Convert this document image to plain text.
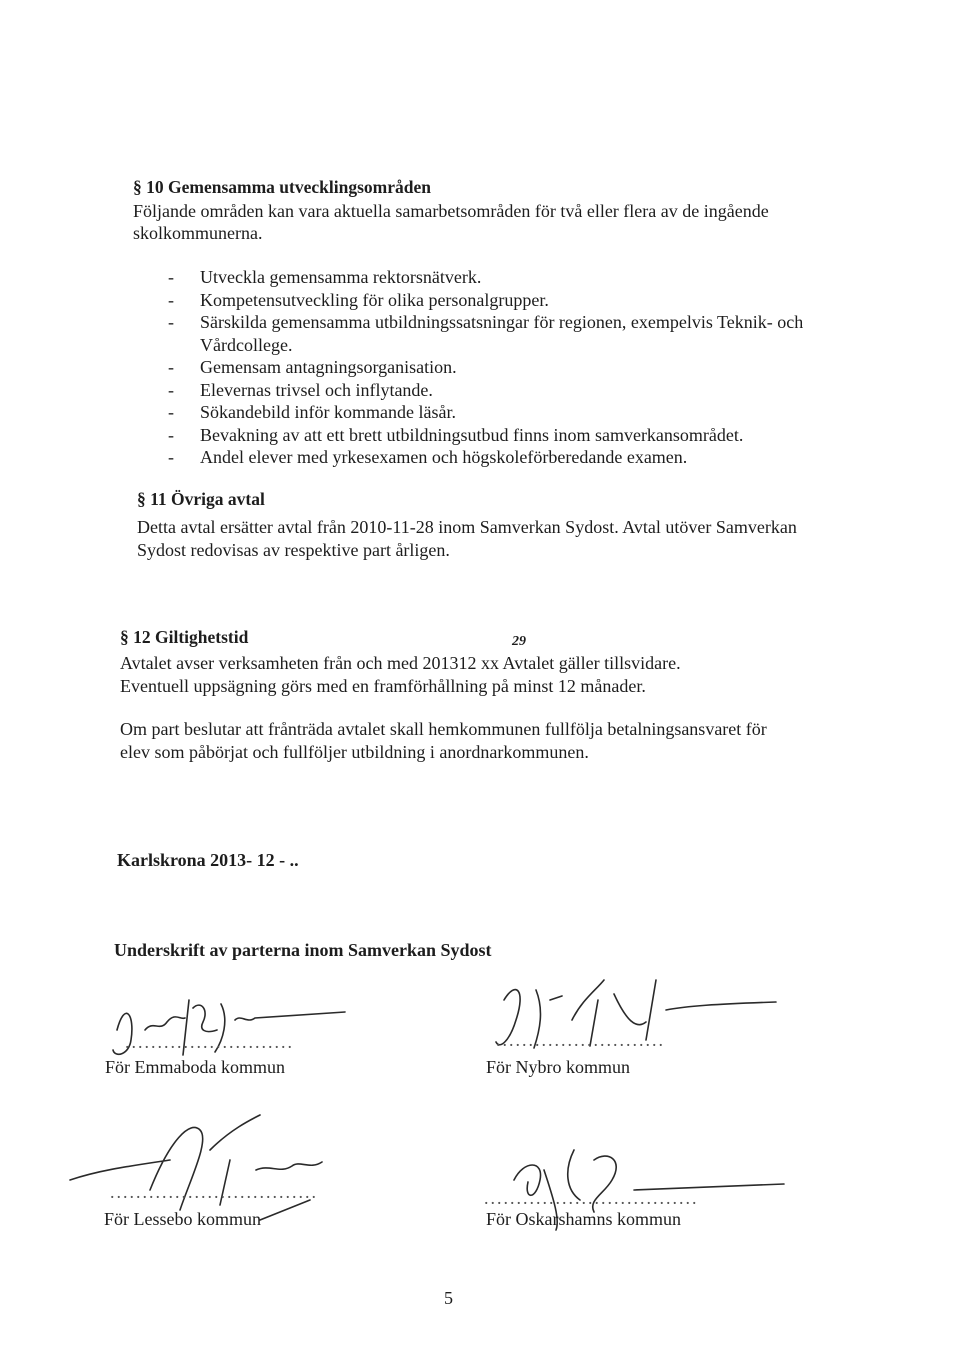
§ 10 Gemensamma utvecklingsområden
Följande områden kan vara aktuella samarbetsområden för två eller flera av de ingående
skolkommunerna.
-	Utveckla gemensamma rektorsnätverk.
-	Kompetensutveckling för olika personalgrupper.
-	Särskilda gemensamma utbildningssatsningar för regionen, exempelvis Teknik- och
Vårdcollege.
-	Gemensam antagningsorganisation.
-	Elevernas trivsel och inflytande.
-	Sökandebild inför kommande läsår.
-	Bevakning av att ett brett utbildningsutbud finns inom samverkansområdet.
-	Andel elever med yrkesexamen och högskoleförberedande examen.
§ 11 Övriga avtal
Detta avtal ersätter avtal från 2010-11-28 inom Samverkan Sydost. Avtal utöver Samverkan
Sydost redovisas av respektive part årligen.
§ 12 Giltighetstid	29
Avtalet avser verksamheten från och med 201312 xx Avtalet gäller tillsvidare.
Eventuell uppsägning görs med en framförhållning på minst 12 månader.
Om part beslutar att frånträda avtalet skall hemkommunen fullfölja betalningsansvaret för
elev som påbörjat och fullföljer utbildning i anordnarkommunen.
Karlskrona 2013- 12 - ..
Underskrift av parterna inom Samverkan Sydost
..........................
För Emmaboda kommun
..........................
För Nybro kommun
................................
För Lessebo kommun
.................................
För Oskarshamns kommun
5
